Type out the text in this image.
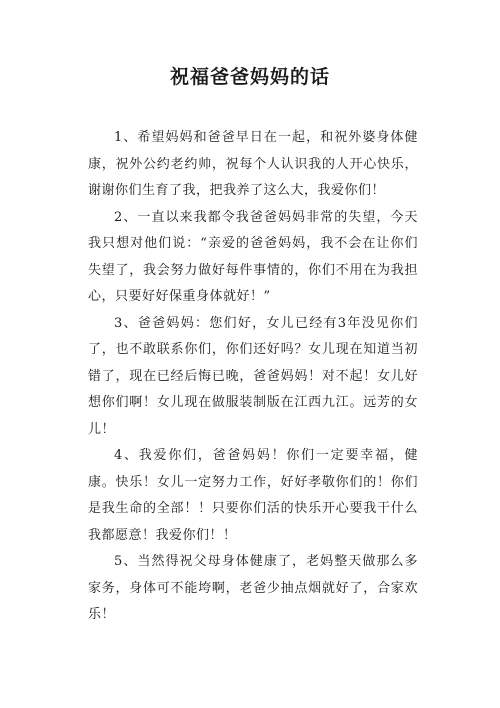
祝福爸爸妈妈的话

1、希望妈妈和爸爸早日在一起，和祝外婆身体健康，祝外公约老约帅，祝每个人认识我的人开心快乐，谢谢你们生育了我，把我养了这么大，我爱你们！

2、一直以来我都令我爸爸妈妈非常的失望，今天我只想对他们说：“亲爱的爸爸妈妈，我不会在让你们失望了，我会努力做好每件事情的，你们不用在为我担心，只要好好保重身体就好！”

3、爸爸妈妈：您们好，女儿已经有3年没见你们了，也不敢联系你们，你们还好吗？女儿现在知道当初错了，现在已经后悔已晚，爸爸妈妈！对不起！女儿好想你们啊！女儿现在做服装制版在江西九江。远芳的女儿！

4、我爱你们，爸爸妈妈！你们一定要幸福，健康。快乐！女儿一定努力工作，好好孝敬你们的！你们是我生命的全部！！只要你们活的快乐开心要我干什么我都愿意！我爱你们！！

5、当然得祝父母身体健康了，老妈整天做那么多家务，身体可不能垮啊，老爸少抽点烟就好了，合家欢乐！
